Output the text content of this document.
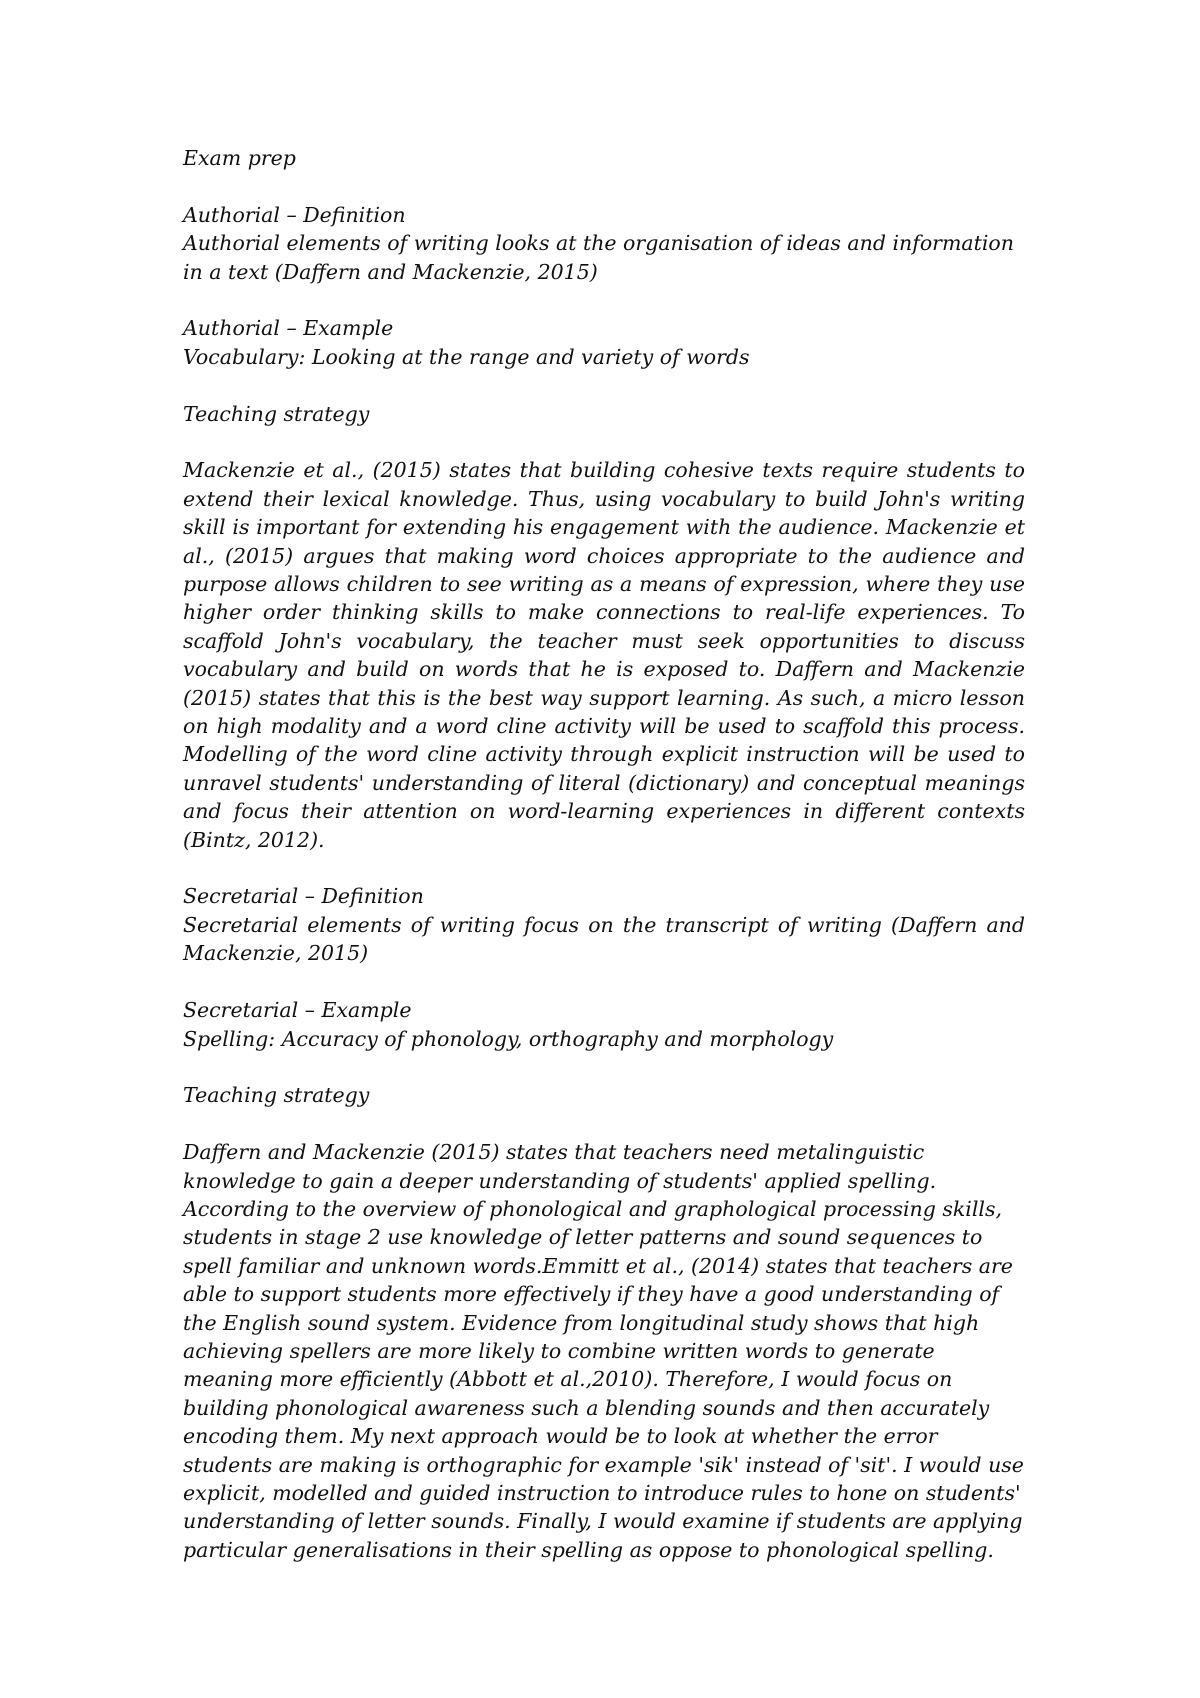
Exam prep

Authorial – Definition

Authorial elements of writing looks at the organisation of ideas and information in a text (Daffern and Mackenzie, 2015)

Authorial – Example

Vocabulary: Looking at the range and variety of words

Teaching strategy

Mackenzie et al., (2015) states that building cohesive texts require students to extend their lexical knowledge. Thus, using vocabulary to build John's writing skill is important for extending his engagement with the audience. Mackenzie et al., (2015) argues that making word choices appropriate to the audience and purpose allows children to see writing as a means of expression, where they use higher order thinking skills to make connections to real-life experiences. To scaffold John's vocabulary, the teacher must seek opportunities to discuss vocabulary and build on words that he is exposed to. Daffern and Mackenzie (2015) states that this is the best way support learning. As such, a micro lesson on high modality and a word cline activity will be used to scaffold this process. Modelling of the word cline activity through explicit instruction will be used to unravel students' understanding of literal (dictionary) and conceptual meanings and focus their attention on word-learning experiences in different contexts (Bintz, 2012).

Secretarial – Definition

Secretarial elements of writing focus on the transcript of writing (Daffern and Mackenzie, 2015)

Secretarial – Example

Spelling: Accuracy of phonology, orthography and morphology

Teaching strategy

Daffern and Mackenzie (2015) states that teachers need metalinguistic knowledge to gain a deeper understanding of students' applied spelling. According to the overview of phonological and graphological processing skills, students in stage 2 use knowledge of letter patterns and sound sequences to spell familiar and unknown words.Emmitt et al., (2014) states that teachers are able to support students more effectively if they have a good understanding of the English sound system. Evidence from longitudinal study shows that high achieving spellers are more likely to combine written words to generate meaning more efficiently (Abbott et al.,2010). Therefore, I would focus on building phonological awareness such a blending sounds and then accurately encoding them. My next approach would be to look at whether the error students are making is orthographic for example 'sik' instead of 'sit'. I would use explicit, modelled and guided instruction to introduce rules to hone on students' understanding of letter sounds. Finally, I would examine if students are applying particular generalisations in their spelling as oppose to phonological spelling.
